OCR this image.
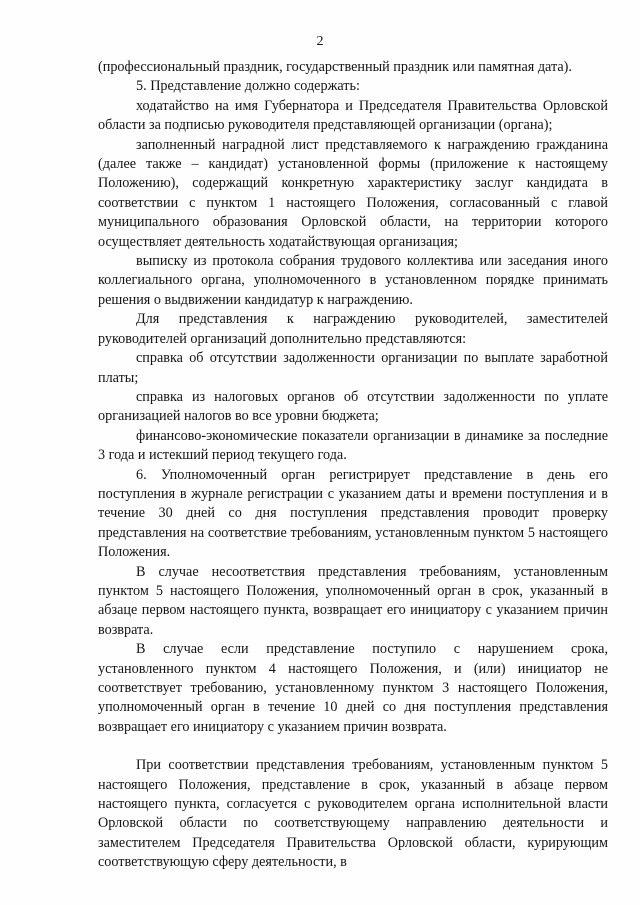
2

(профессиональный праздник, государственный праздник или памятная дата).

5. Представление должно содержать:

ходатайство на имя Губернатора и Председателя Правительства Орловской области за подписью руководителя представляющей организации (органа);

заполненный наградной лист представляемого к награждению гражданина (далее также – кандидат) установленной формы (приложение к настоящему Положению), содержащий конкретную характеристику заслуг кандидата в соответствии с пунктом 1 настоящего Положения, согласованный с главой муниципального образования Орловской области, на территории которого осуществляет деятельность ходатайствующая организация;

выписку из протокола собрания трудового коллектива или заседания иного коллегиального органа, уполномоченного в установленном порядке принимать решения о выдвижении кандидатур к награждению.

Для представления к награждению руководителей, заместителей руководителей организаций дополнительно представляются:

справка об отсутствии задолженности организации по выплате заработной платы;

справка из налоговых органов об отсутствии задолженности по уплате организацией налогов во все уровни бюджета;

финансово-экономические показатели организации в динамике за последние 3 года и истекший период текущего года.

6. Уполномоченный орган регистрирует представление в день его поступления в журнале регистрации с указанием даты и времени поступления и в течение 30 дней со дня поступления представления проводит проверку представления на соответствие требованиям, установленным пунктом 5 настоящего Положения.

В случае несоответствия представления требованиям, установленным пунктом 5 настоящего Положения, уполномоченный орган в срок, указанный в абзаце первом настоящего пункта, возвращает его инициатору с указанием причин возврата.

В случае если представление поступило с нарушением срока, установленного пунктом 4 настоящего Положения, и (или) инициатор не соответствует требованию, установленному пунктом 3 настоящего Положения, уполномоченный орган в течение 10 дней со дня поступления представления возвращает его инициатору с указанием причин возврата.

При соответствии представления требованиям, установленным пунктом 5 настоящего Положения, представление в срок, указанный в абзаце первом настоящего пункта, согласуется с руководителем органа исполнительной власти Орловской области по соответствующему направлению деятельности и заместителем Председателя Правительства Орловской области, курирующим соответствующую сферу деятельности, в
